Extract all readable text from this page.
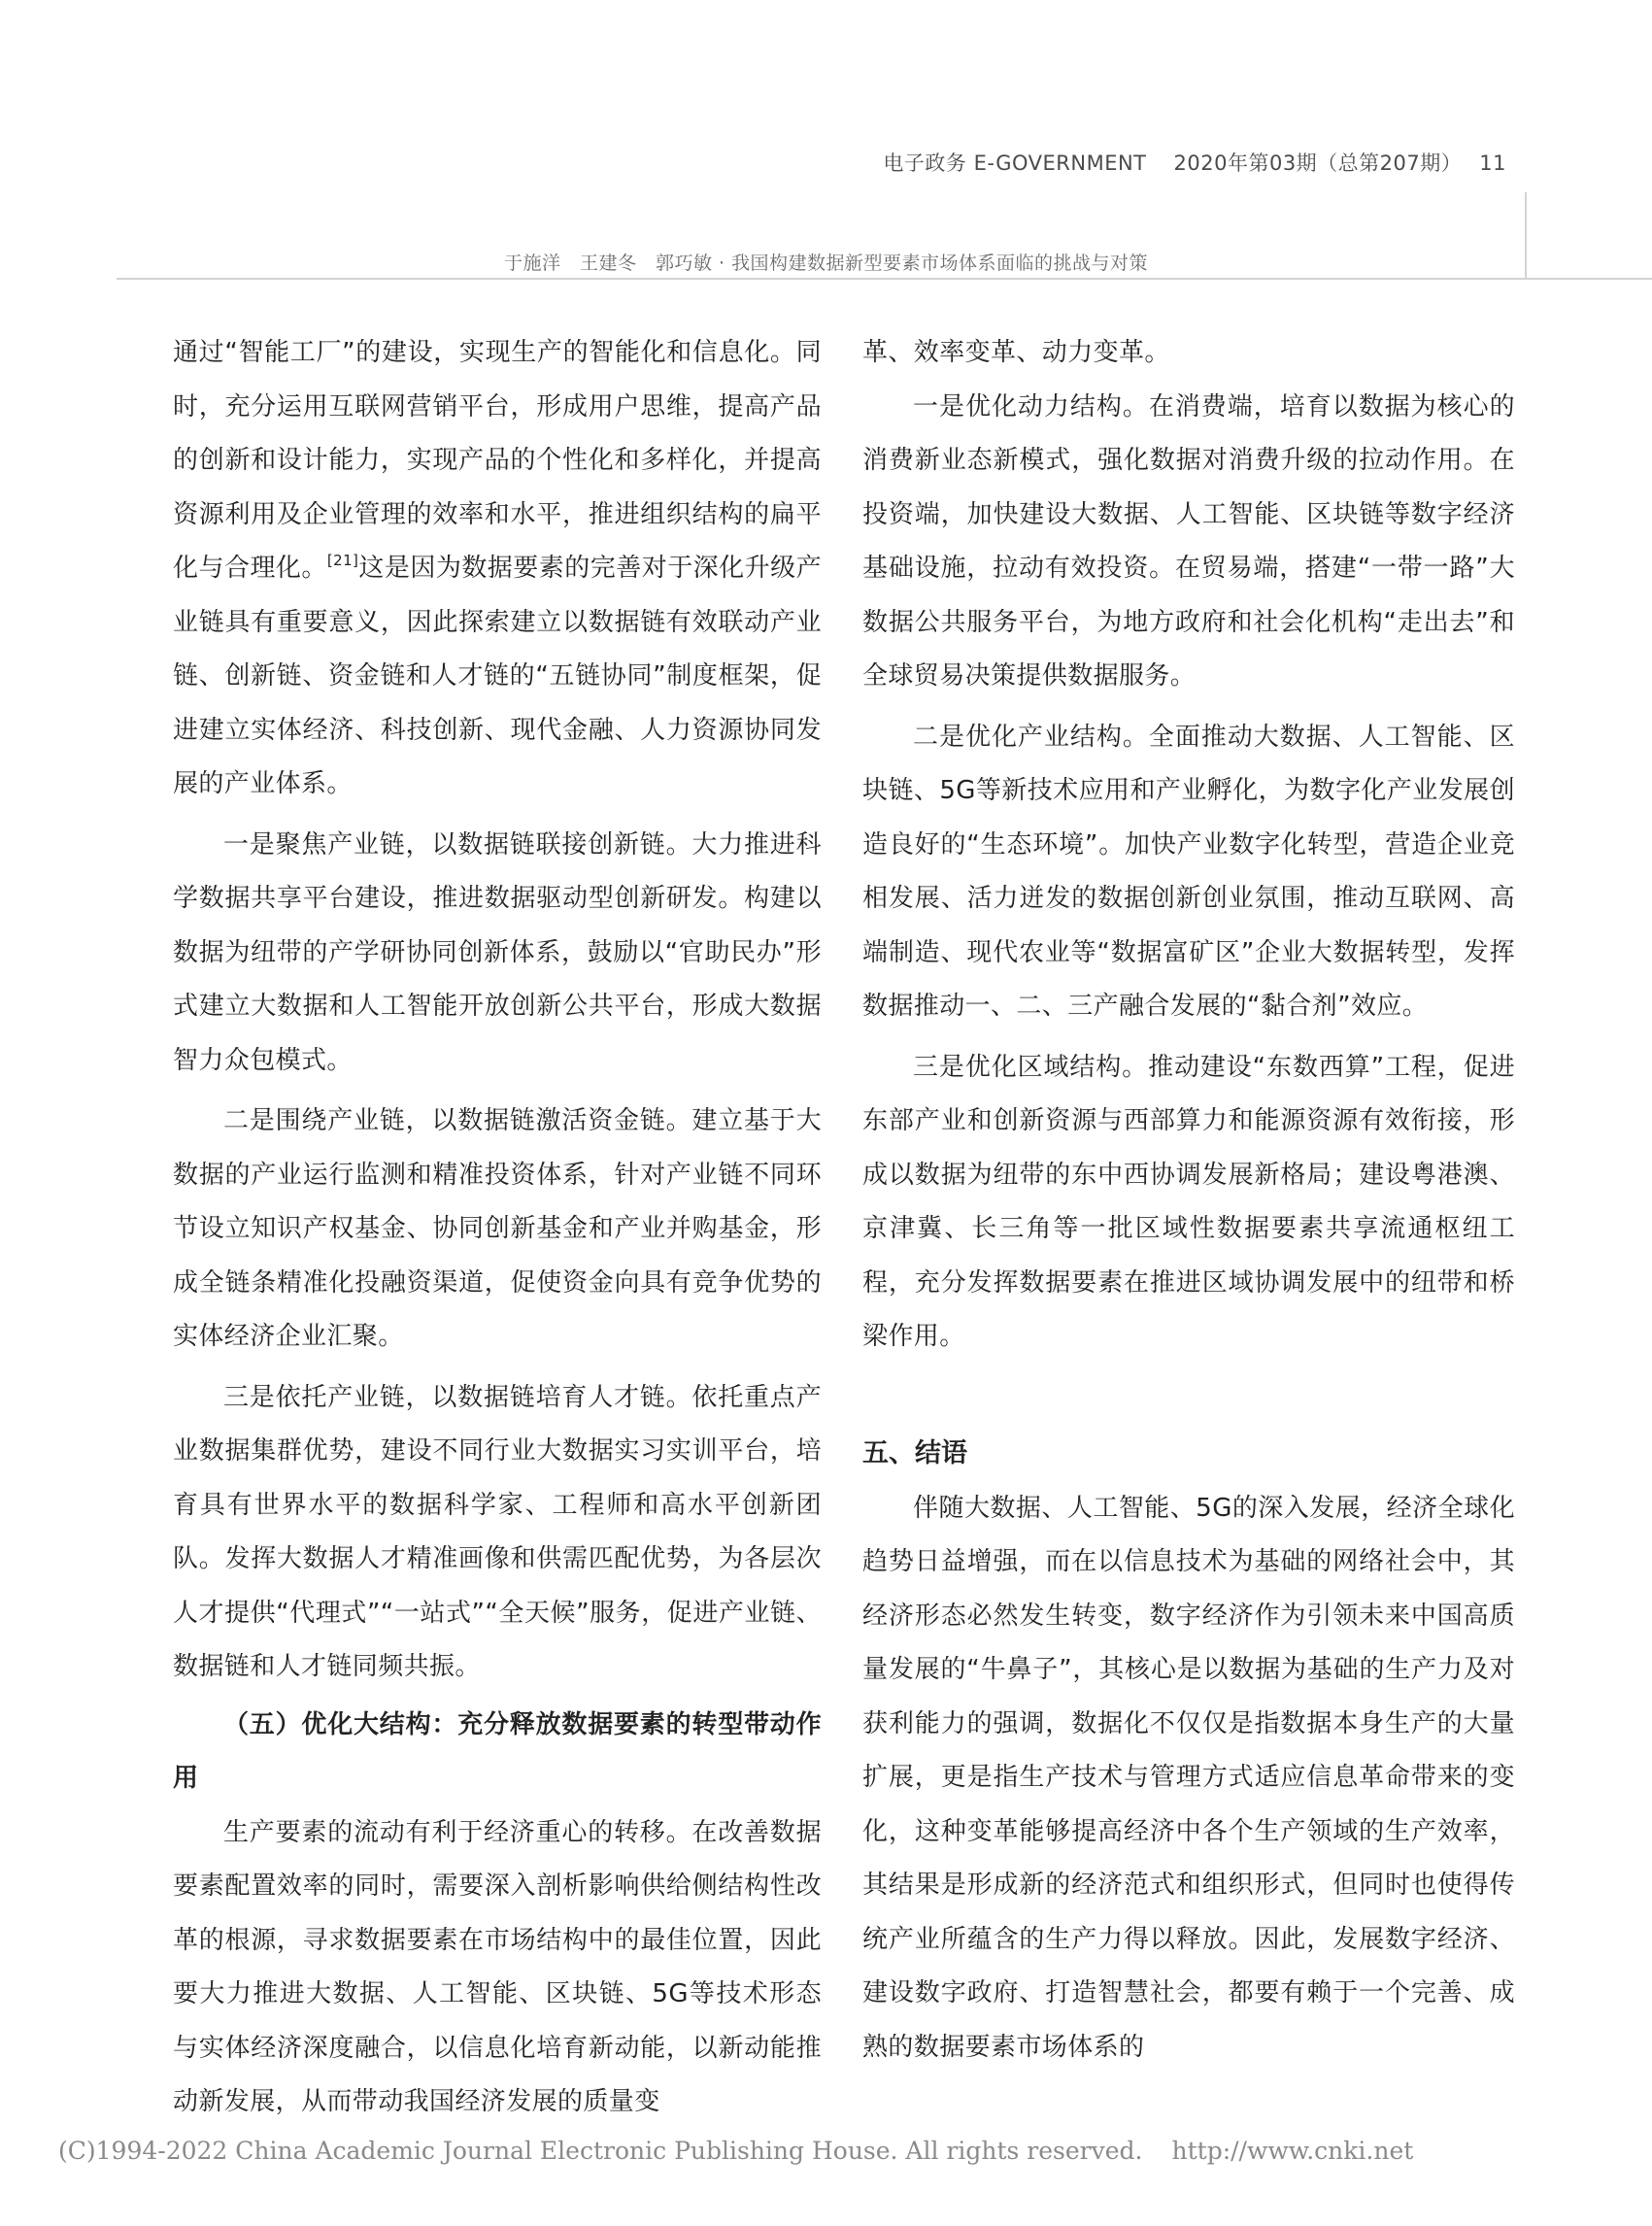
电子政务 E-GOVERNMENT 2020年第03期（总第207期） 11
于施洋　王建冬　郭巧敏 · 我国构建数据新型要素市场体系面临的挑战与对策

通过“智能工厂”的建设，实现生产的智能化和信息化。同时，充分运用互联网营销平台，形成用户思维，提高产品的创新和设计能力，实现产品的个性化和多样化，并提高资源利用及企业管理的效率和水平，推进组织结构的扁平化与合理化。[21]这是因为数据要素的完善对于深化升级产业链具有重要意义，因此探索建立以数据链有效联动产业链、创新链、资金链和人才链的“五链协同”制度框架，促进建立实体经济、科技创新、现代金融、人力资源协同发展的产业体系。

一是聚焦产业链，以数据链联接创新链。大力推进科学数据共享平台建设，推进数据驱动型创新研发。构建以数据为纽带的产学研协同创新体系，鼓励以“官助民办”形式建立大数据和人工智能开放创新公共平台，形成大数据智力众包模式。

二是围绕产业链，以数据链激活资金链。建立基于大数据的产业运行监测和精准投资体系，针对产业链不同环节设立知识产权基金、协同创新基金和产业并购基金，形成全链条精准化投融资渠道，促使资金向具有竞争优势的实体经济企业汇聚。

三是依托产业链，以数据链培育人才链。依托重点产业数据集群优势，建设不同行业大数据实习实训平台，培育具有世界水平的数据科学家、工程师和高水平创新团队。发挥大数据人才精准画像和供需匹配优势，为各层次人才提供“代理式”“一站式”“全天候”服务，促进产业链、数据链和人才链同频共振。

（五）优化大结构：充分释放数据要素的转型带动作用

生产要素的流动有利于经济重心的转移。在改善数据要素配置效率的同时，需要深入剖析影响供给侧结构性改革的根源，寻求数据要素在市场结构中的最佳位置，因此要大力推进大数据、人工智能、区块链、5G等技术形态与实体经济深度融合，以信息化培育新动能，以新动能推动新发展，从而带动我国经济发展的质量变

革、效率变革、动力变革。

一是优化动力结构。在消费端，培育以数据为核心的消费新业态新模式，强化数据对消费升级的拉动作用。在投资端，加快建设大数据、人工智能、区块链等数字经济基础设施，拉动有效投资。在贸易端，搭建“一带一路”大数据公共服务平台，为地方政府和社会化机构“走出去”和全球贸易决策提供数据服务。

二是优化产业结构。全面推动大数据、人工智能、区块链、5G等新技术应用和产业孵化，为数字化产业发展创造良好的“生态环境”。加快产业数字化转型，营造企业竞相发展、活力迸发的数据创新创业氛围，推动互联网、高端制造、现代农业等“数据富矿区”企业大数据转型，发挥数据推动一、二、三产融合发展的“黏合剂”效应。

三是优化区域结构。推动建设“东数西算”工程，促进东部产业和创新资源与西部算力和能源资源有效衔接，形成以数据为纽带的东中西协调发展新格局；建设粤港澳、京津冀、长三角等一批区域性数据要素共享流通枢纽工程，充分发挥数据要素在推进区域协调发展中的纽带和桥梁作用。

五、结语

伴随大数据、人工智能、5G的深入发展，经济全球化趋势日益增强，而在以信息技术为基础的网络社会中，其经济形态必然发生转变，数字经济作为引领未来中国高质量发展的“牛鼻子”，其核心是以数据为基础的生产力及对获利能力的强调，数据化不仅仅是指数据本身生产的大量扩展，更是指生产技术与管理方式适应信息革命带来的变化，这种变革能够提高经济中各个生产领域的生产效率，其结果是形成新的经济范式和组织形式，但同时也使得传统产业所蕴含的生产力得以释放。因此，发展数字经济、建设数字政府、打造智慧社会，都要有赖于一个完善、成熟的数据要素市场体系的

(C)1994-2022 China Academic Journal Electronic Publishing House. All rights reserved. http://www.cnki.net
